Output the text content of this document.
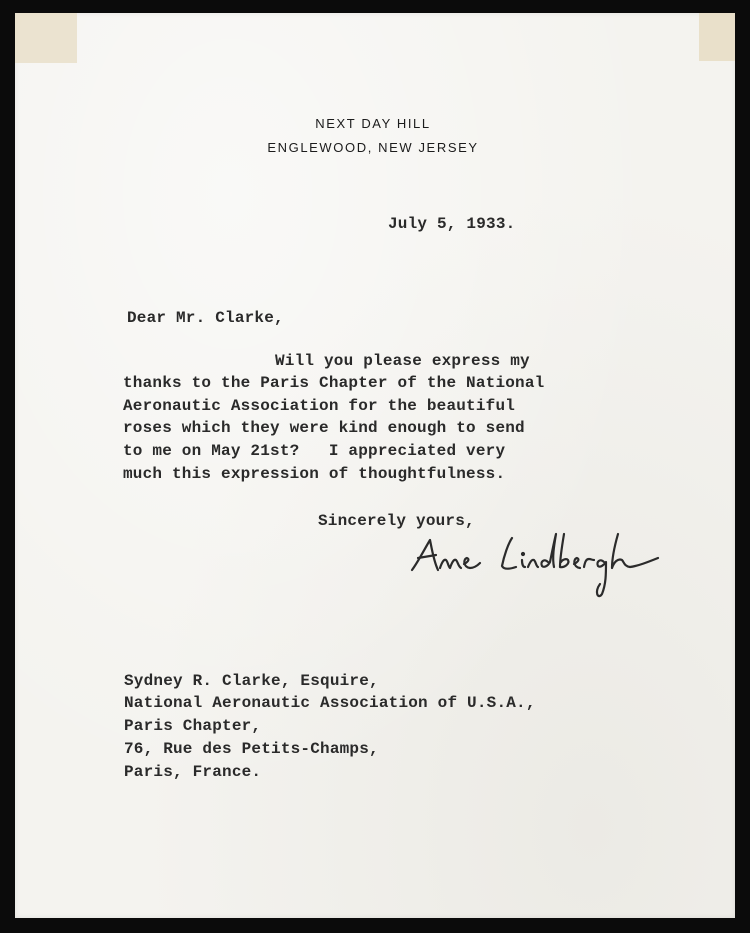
NEXT DAY HILL
ENGLEWOOD, NEW JERSEY
July 5, 1933.
Dear Mr. Clarke,
Will you please express my
thanks to the Paris Chapter of the National
Aeronautic Association for the beautiful
roses which they were kind enough to send
to me on May 21st?   I appreciated very
much this expression of thoughtfulness.
Sincerely yours,
Sydney R. Clarke, Esquire,
National Aeronautic Association of U.S.A.,
Paris Chapter,
76, Rue des Petits-Champs,
Paris, France.
